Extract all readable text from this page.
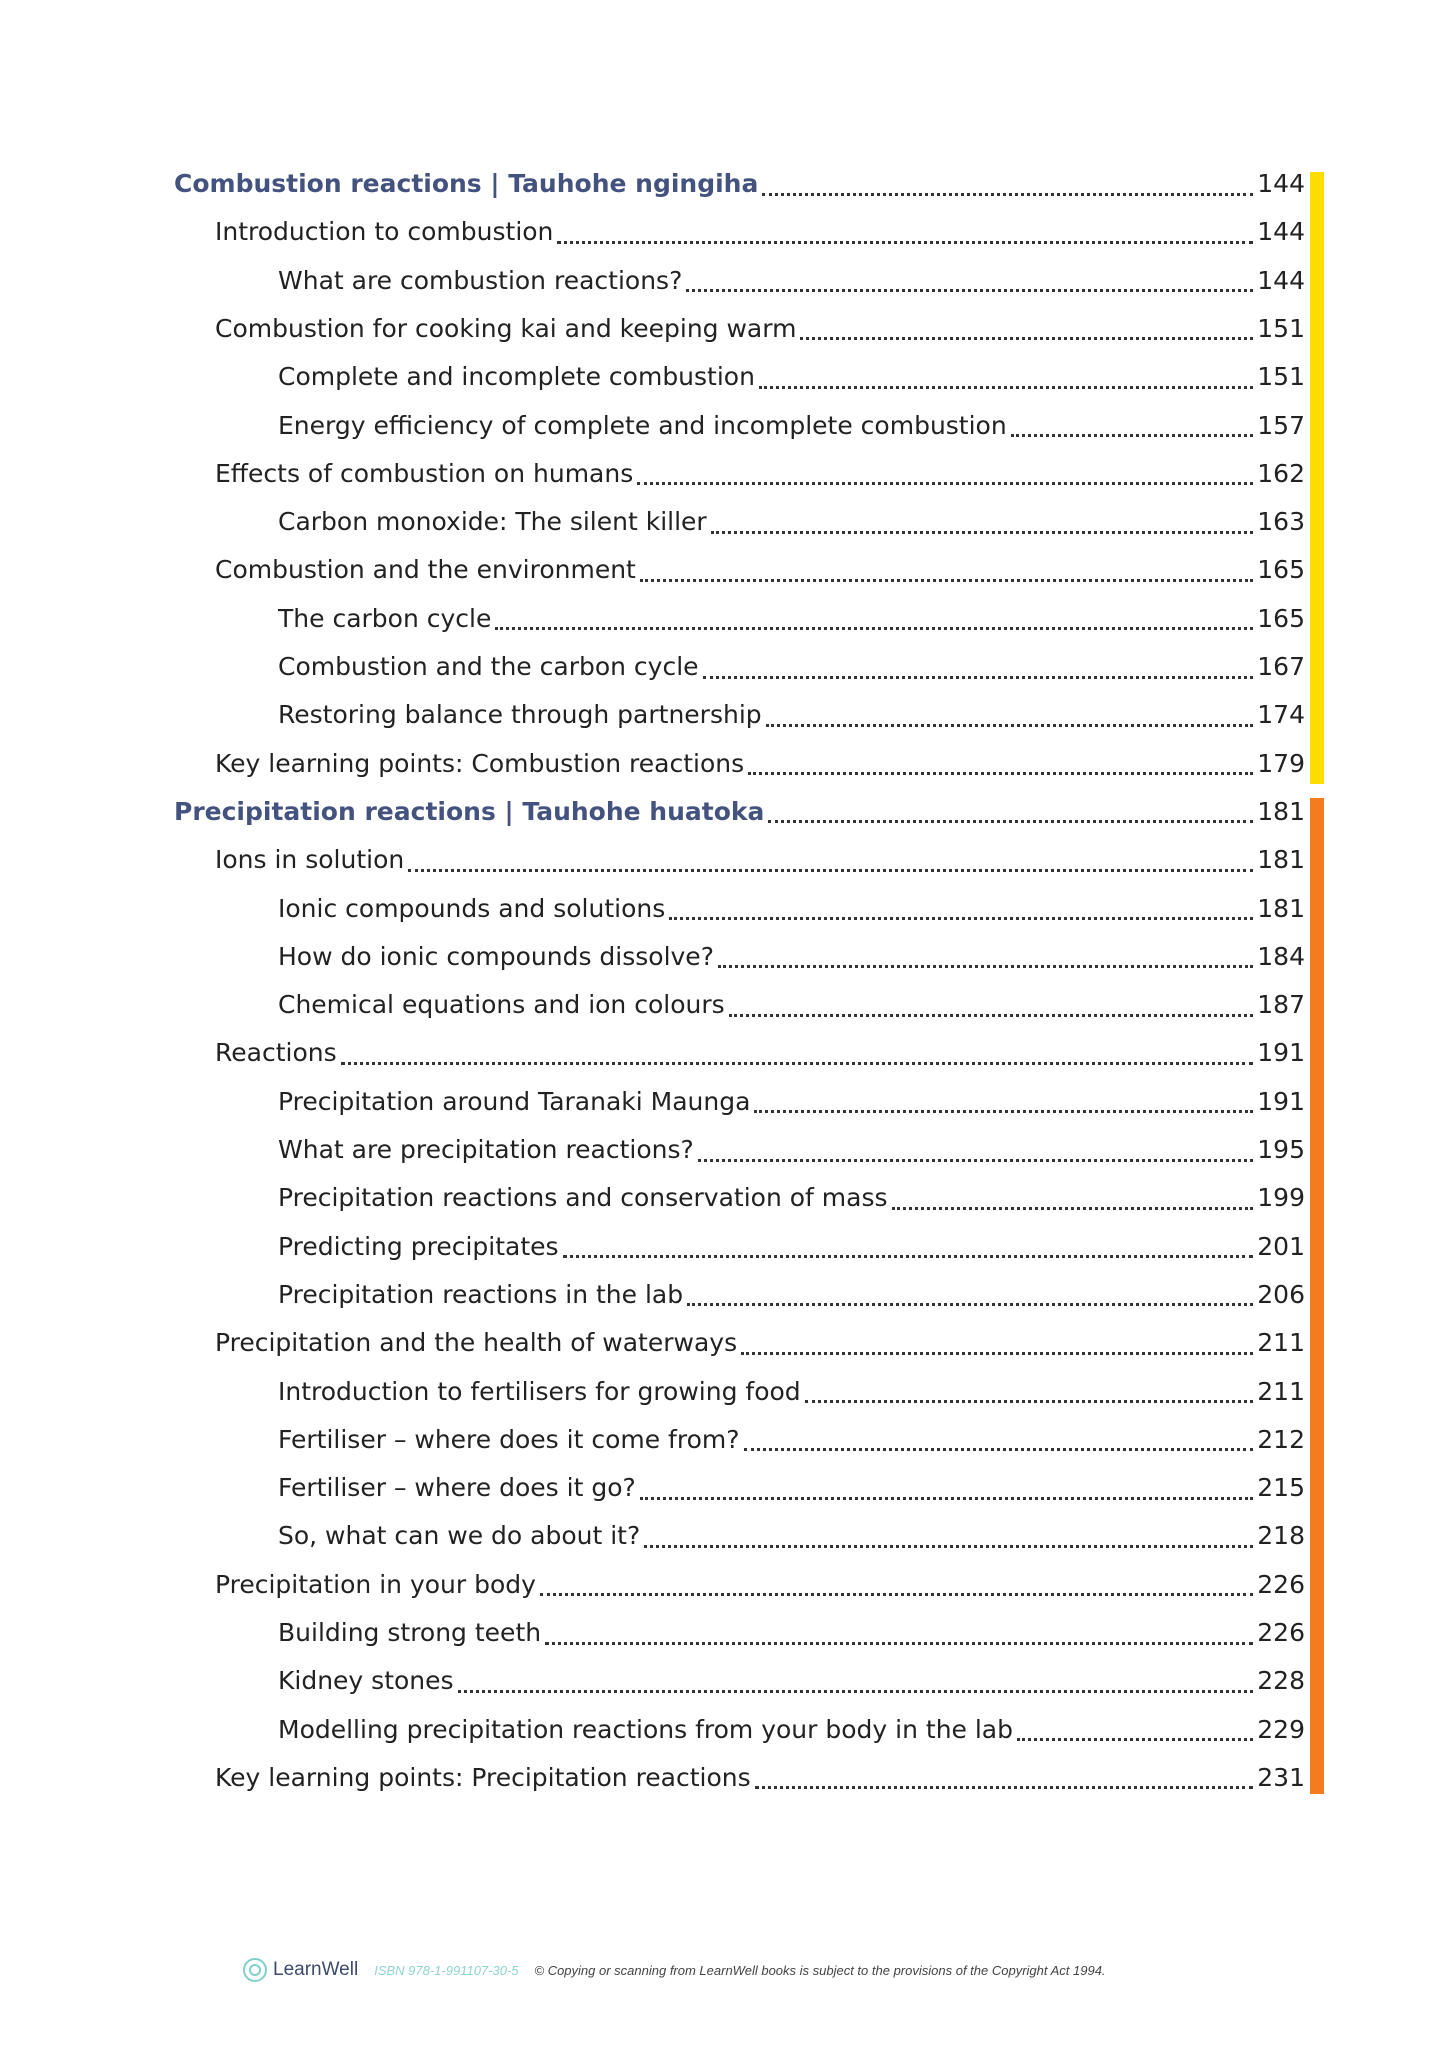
Combustion reactions | Tauhohe ngingiha	144
Introduction to combustion	144
What are combustion reactions?	144
Combustion for cooking kai and keeping warm	151
Complete and incomplete combustion	151
Energy efficiency of complete and incomplete combustion	157
Effects of combustion on humans	162
Carbon monoxide: The silent killer	163
Combustion and the environment	165
The carbon cycle	165
Combustion and the carbon cycle	167
Restoring balance through partnership	174
Key learning points: Combustion reactions	179
Precipitation reactions | Tauhohe huatoka	181
Ions in solution	181
Ionic compounds and solutions	181
How do ionic compounds dissolve?	184
Chemical equations and ion colours	187
Reactions	191
Precipitation around Taranaki Maunga	191
What are precipitation reactions?	195
Precipitation reactions and conservation of mass	199
Predicting precipitates	201
Precipitation reactions in the lab	206
Precipitation and the health of waterways	211
Introduction to fertilisers for growing food	211
Fertiliser – where does it come from?	212
Fertiliser – where does it go?	215
So, what can we do about it?	218
Precipitation in your body	226
Building strong teeth	226
Kidney stones	228
Modelling precipitation reactions from your body in the lab	229
Key learning points: Precipitation reactions	231
LearnWell ISBN 978-1-991107-30-5 © Copying or scanning from LearnWell books is subject to the provisions of the Copyright Act 1994.
